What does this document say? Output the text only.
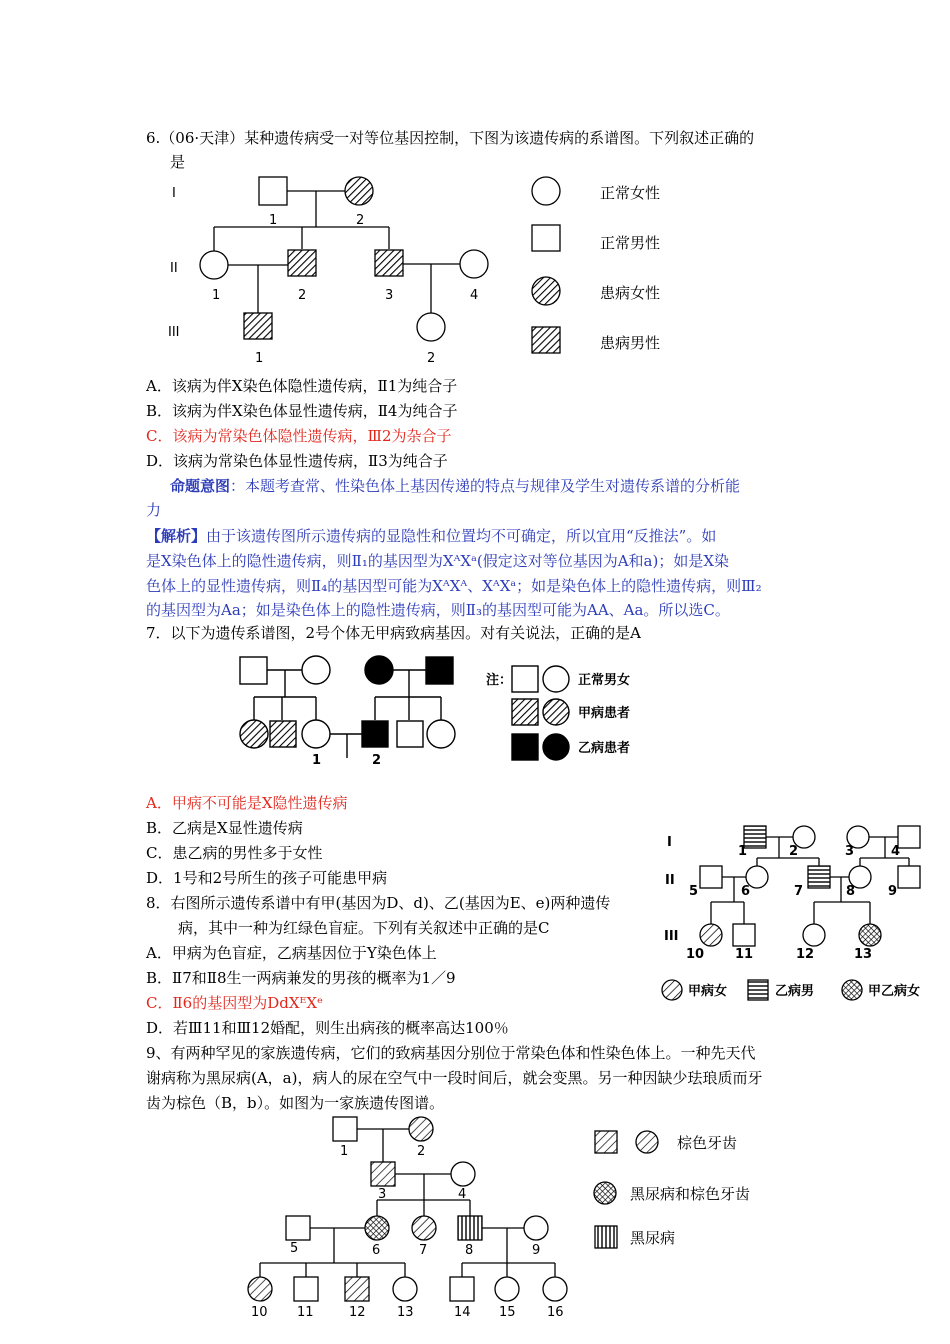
6.（06·天津）某种遗传病受一对等位基因控制，下图为该遗传病的系谱图。下列叙述正确的
是
I
II
III
1	2
1	2	3	4
1	2
正常女性
正常男性
患病女性
患病男性
1	2
注：	正常男女
甲病患者
乙病患者
I
II
III
1	2	3	4
5	6	7	8	9
10 11	12	13
甲病女	乙病男	甲乙病女
1	2
3	4
5	6	7	8	9
10 11	12 13	14 15 16
棕色牙齿
黑尿病和棕色牙齿
黑尿病
A．该病为伴X染色体隐性遗传病，Ⅱ1为纯合子
B．该病为伴X染色体显性遗传病，Ⅱ4为纯合子
C．该病为常染色体隐性遗传病，Ⅲ2为杂合子
D．该病为常染色体显性遗传病，Ⅱ3为纯合子
命题意图：本题考查常、性染色体上基因传递的特点与规律及学生对遗传系谱的分析能
力
【解析】由于该遗传图所示遗传病的显隐性和位置均不可确定，所以宜用“反推法”。如
是X染色体上的隐性遗传病，则Ⅱ₁的基因型为XᴬXᵃ(假定这对等位基因为A和a)；如是X染
色体上的显性遗传病，则Ⅱ₄的基因型可能为XᴬXᴬ、XᴬXᵃ；如是染色体上的隐性遗传病，则Ⅲ₂
的基因型为Aa；如是染色体上的隐性遗传病，则Ⅱ₃的基因型可能为AA、Aa。所以选C。
7．以下为遗传系谱图，2号个体无甲病致病基因。对有关说法，正确的是A
A．甲病不可能是X隐性遗传病
B．乙病是X显性遗传病
C．患乙病的男性多于女性
D．1号和2号所生的孩子可能患甲病
8．右图所示遗传系谱中有甲(基因为D、d)、乙(基因为E、e)两种遗传
病，其中一种为红绿色盲症。下列有关叙述中正确的是C
A．甲病为色盲症，乙病基因位于Y染色体上
B．Ⅱ7和Ⅱ8生一两病兼发的男孩的概率为1／9
C．Ⅱ6的基因型为DdXᴱXᵉ
D．若Ⅲ11和Ⅲ12婚配，则生出病孩的概率高达100％
9、有两种罕见的家族遗传病，它们的致病基因分别位于常染色体和性染色体上。一种先天代
谢病称为黑尿病(A，a)，病人的尿在空气中一段时间后，就会变黑。另一种因缺少珐琅质而牙
齿为棕色（B，b）。如图为一家族遗传图谱。
